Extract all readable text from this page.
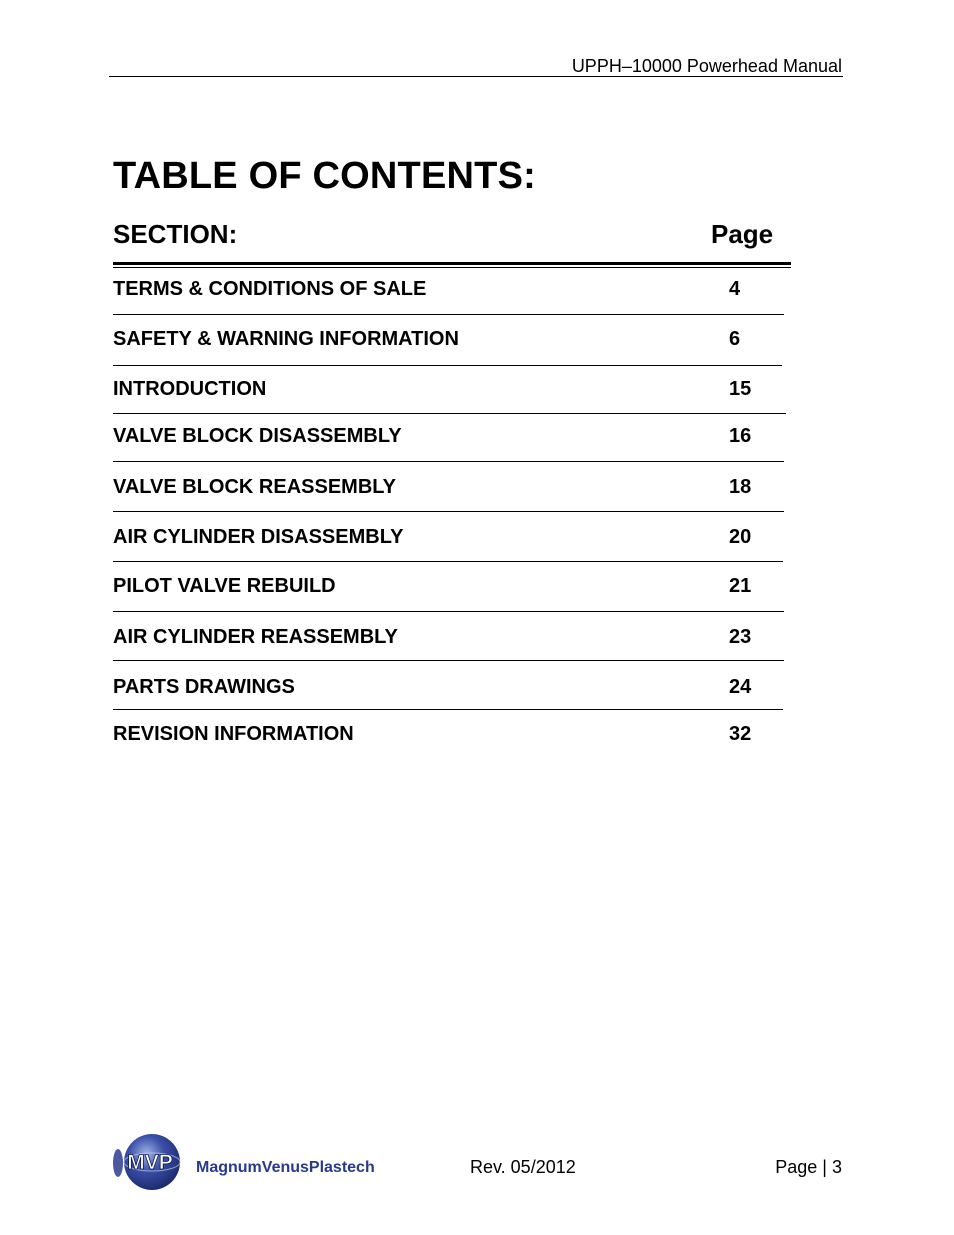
UPPH–10000 Powerhead Manual
TABLE OF CONTENTS:
SECTION:	Page
TERMS & CONDITIONS OF SALE	4
SAFETY & WARNING INFORMATION	6
INTRODUCTION	15
VALVE BLOCK DISASSEMBLY	16
VALVE BLOCK REASSEMBLY	18
AIR CYLINDER DISASSEMBLY	20
PILOT VALVE REBUILD	21
AIR CYLINDER REASSEMBLY	23
PARTS DRAWINGS	24
REVISION INFORMATION	32
MVP MagnumVenusPlastech	Rev. 05/2012	Page | 3
